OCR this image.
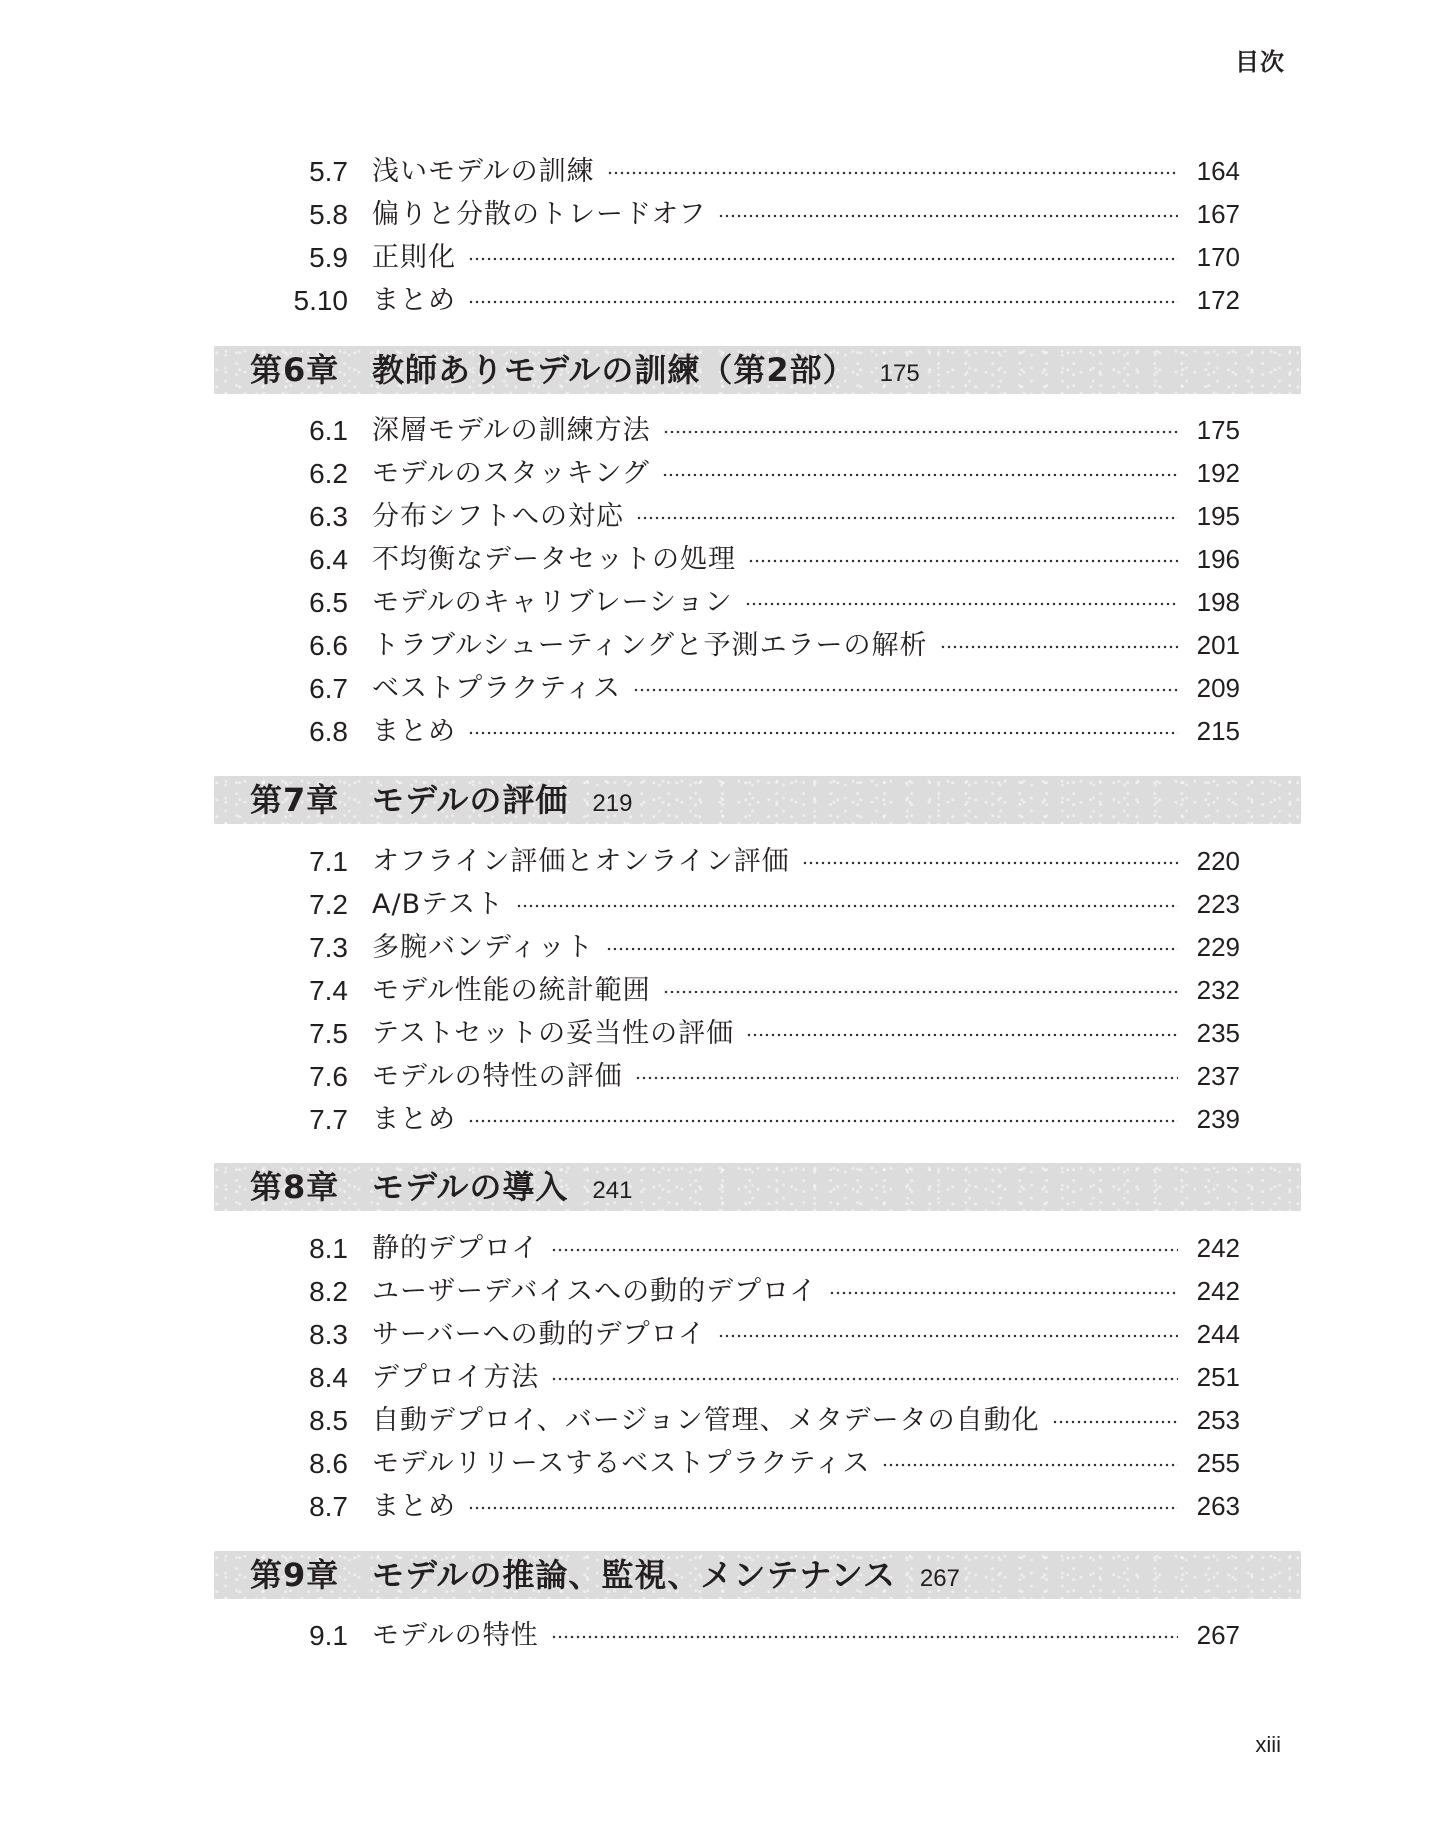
目次
5.7 浅いモデルの訓練	164
5.8 偏りと分散のトレードオフ	167
5.9 正則化	170
5.10 まとめ	172
第6章 教師ありモデルの訓練（第2部） 175
6.1 深層モデルの訓練方法	175
6.2 モデルのスタッキング	192
6.3 分布シフトへの対応	195
6.4 不均衡なデータセットの処理	196
6.5 モデルのキャリブレーション	198
6.6 トラブルシューティングと予測エラーの解析	201
6.7 ベストプラクティス	209
6.8 まとめ	215
第7章 モデルの評価 219
7.1 オフライン評価とオンライン評価	220
7.2 A/Bテスト	223
7.3 多腕バンディット	229
7.4 モデル性能の統計範囲	232
7.5 テストセットの妥当性の評価	235
7.6 モデルの特性の評価	237
7.7 まとめ	239
第8章 モデルの導入 241
8.1 静的デプロイ	242
8.2 ユーザーデバイスへの動的デプロイ	242
8.3 サーバーへの動的デプロイ	244
8.4 デプロイ方法	251
8.5 自動デプロイ、バージョン管理、メタデータの自動化	253
8.6 モデルリリースするベストプラクティス	255
8.7 まとめ	263
第9章 モデルの推論、監視、メンテナンス 267
9.1 モデルの特性	267
xiii
